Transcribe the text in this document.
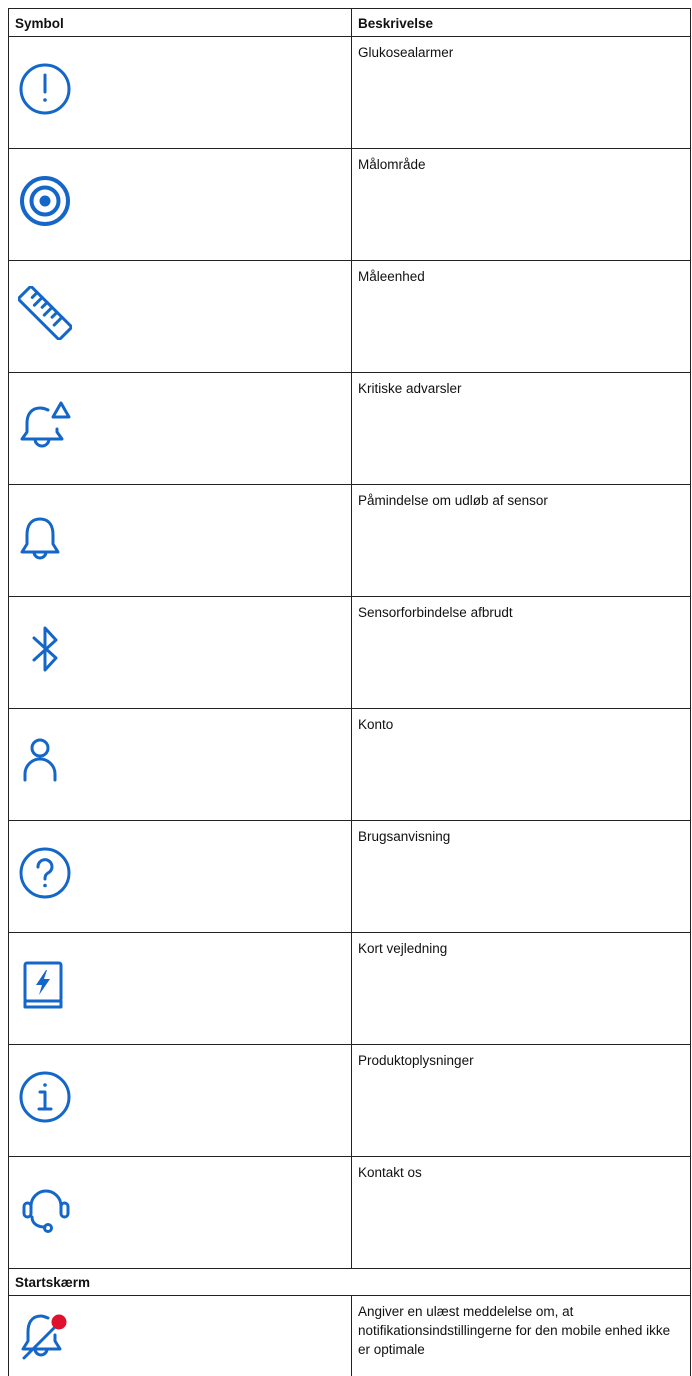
Symbol	Beskrivelse

	Glukosealarmer

	Målområde

	Måleenhed

	Kritiske advarsler

	Påmindelse om udløb af sensor

	Sensorforbindelse afbrudt

	Konto

	Brugsanvisning

	Kort vejledning

	Produktoplysninger

	Kontakt os
Startskærm	

	Angiver en ulæst meddelelse om, at notifikationsindstillingerne for den mobile enhed ikke er optimale
